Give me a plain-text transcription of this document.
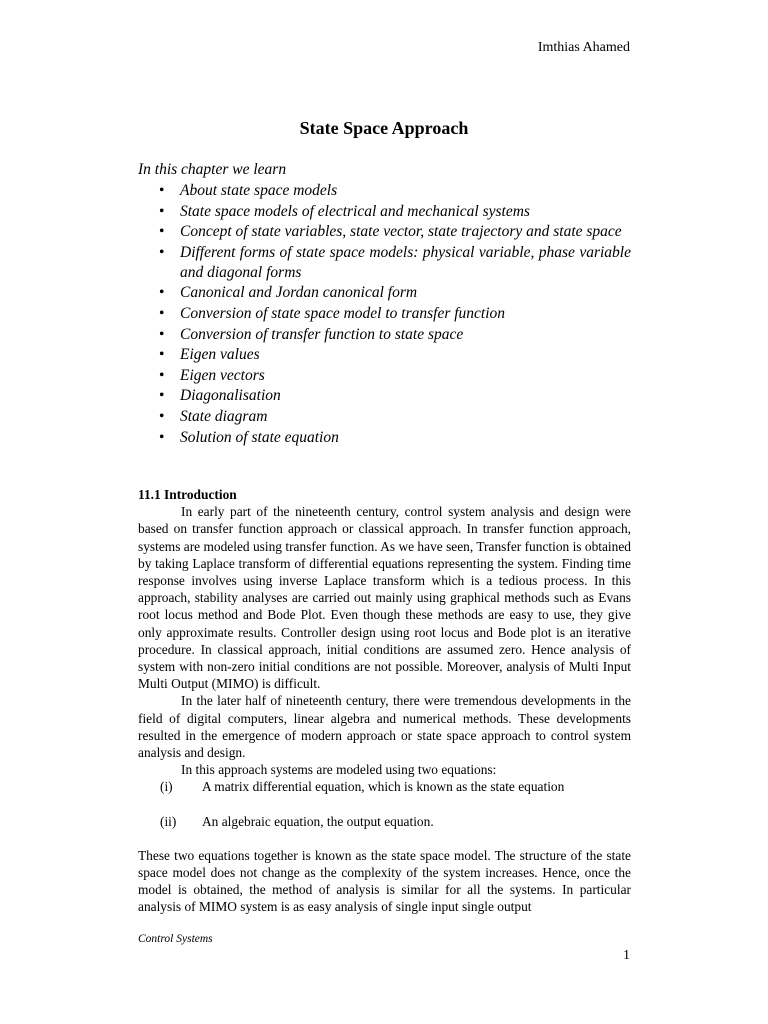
Imthias Ahamed
State Space Approach

In this chapter we learn

• About state space models
• State space models of electrical and mechanical systems
• Concept of state variables, state vector, state trajectory and state space
• Different forms of state space models: physical variable, phase variable and diagonal forms
• Canonical and Jordan canonical form
• Conversion of state space model to transfer function
• Conversion of transfer function to state space
• Eigen values
• Eigen vectors
• Diagonalisation
• State diagram
• Solution of state equation

11.1 Introduction

In early part of the nineteenth century, control system analysis and design were based on transfer function approach or classical approach. In transfer function approach, systems are modeled using transfer function. As we have seen, Transfer function is obtained by taking Laplace transform of differential equations representing the system. Finding time response involves using inverse Laplace transform which is a tedious process. In this approach, stability analyses are carried out mainly using graphical methods such as Evans root locus method and Bode Plot. Even though these methods are easy to use, they give only approximate results. Controller design using root locus and Bode plot is an iterative procedure. In classical approach, initial conditions are assumed zero. Hence analysis of system with non-zero initial conditions are not possible. Moreover, analysis of Multi Input Multi Output (MIMO) is difficult.

In the later half of nineteenth century, there were tremendous developments in the field of digital computers, linear algebra and numerical methods. These developments resulted in the emergence of modern approach or state space approach to control system analysis and design.

In this approach systems are modeled using two equations:

(i) A matrix differential equation, which is known as the state equation

(ii) An algebraic equation, the output equation.

These two equations together is known as the state space model. The structure of the state space model does not change as the complexity of the system increases. Hence, once the model is obtained, the method of analysis is similar for all the systems. In particular analysis of MIMO system is as easy analysis of single input single output

Control Systems
1
